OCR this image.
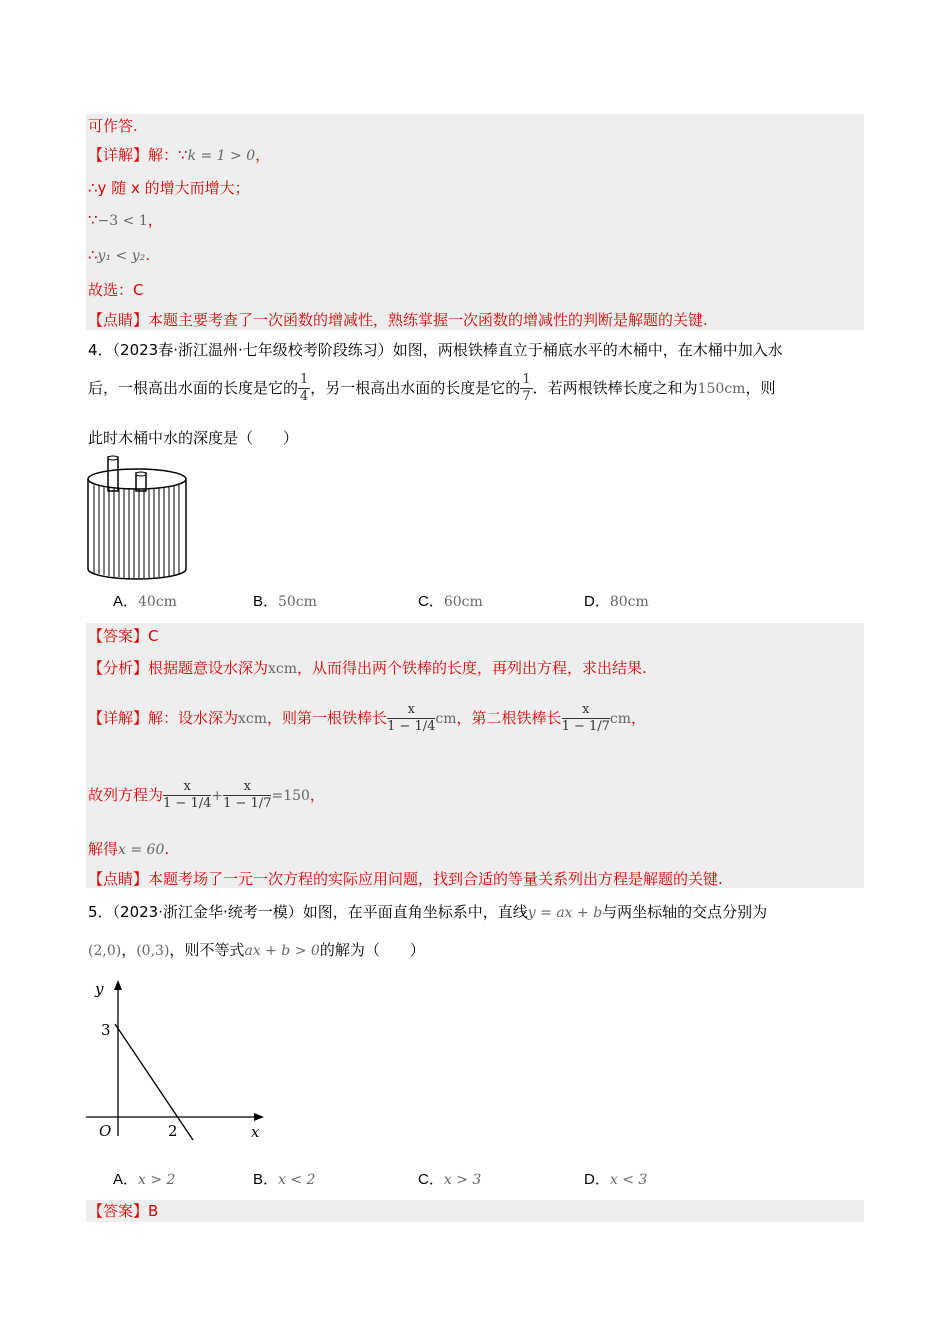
可作答.
【详解】解：∵k = 1 > 0，
∴y 随 x 的增大而增大；
∵−3 < 1，
∴y₁ < y₂.
故选：C
【点睛】本题主要考查了一次函数的增减性，熟练掌握一次函数的增减性的判断是解题的关键.
4．（2023春·浙江温州·七年级校考阶段练习）如图，两根铁棒直立于桶底水平的木桶中，在木桶中加入水
后，一根高出水面的长度是它的 $\frac{1}{4}$ ，另一根高出水面的长度是它的 $\frac{1}{7}$ ．若两根铁棒长度之和为150cm，则
此时木桶中水的深度是（　　）
A．40cm	B．50cm	C．60cm	D．80cm
【答案】C
【分析】根据题意设水深为xcm，从而得出两个铁棒的长度，再列出方程，求出结果.
【详解】解：设水深为xcm，则第一根铁棒长 $\frac{x}{1 - 1/4}$ cm，第二根铁棒长 $\frac{x}{1 - 1/7}$ cm，
故列方程为 $\frac{x}{1 - 1/4} + \frac{x}{1 - 1/7} =150$，
解得x = 60.
【点睛】本题考场了一元一次方程的实际应用问题，找到合适的等量关系列出方程是解题的关键.
5．（2023·浙江金华·统考一模）如图，在平面直角坐标系中，直线y = ax + b与两坐标轴的交点分别为
(2,0)，(0,3)，则不等式ax + b > 0的解为（　　）
y
x
O
3
2
A．x > 2	B．x < 2	C．x > 3	D．x < 3
【答案】B
